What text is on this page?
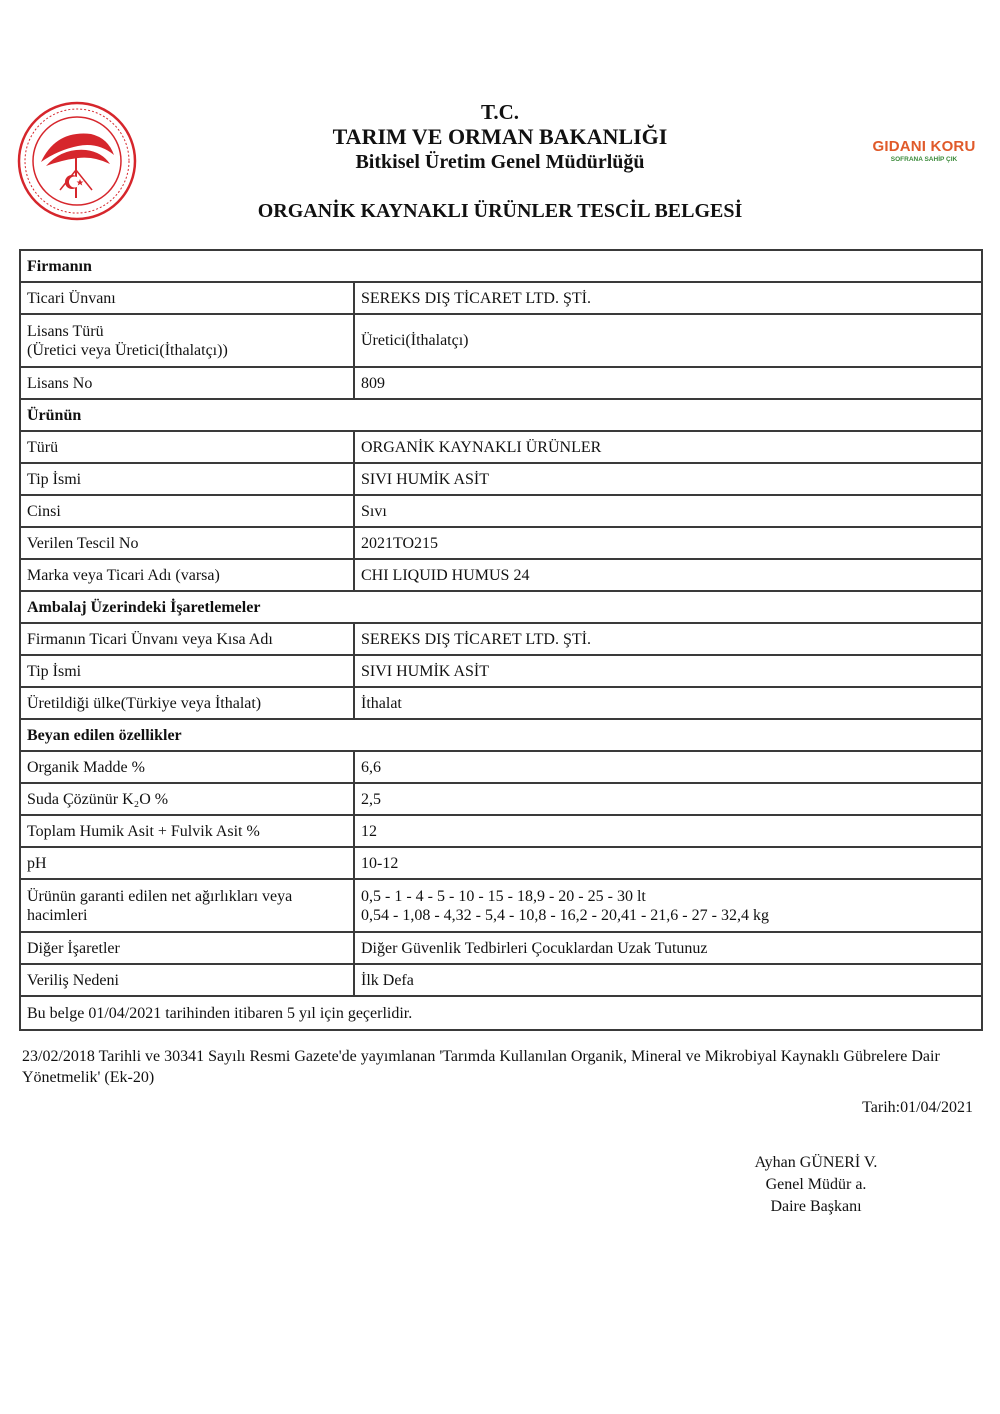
GIDANI KORU
SOFRANA SAHİP ÇIK
T.C.
TARIM VE ORMAN BAKANLIĞI
Bitkisel Üretim Genel Müdürlüğü
ORGANİK KAYNAKLI ÜRÜNLER TESCİL BELGESİ
Firmanın	
Ticari Ünvanı	SEREKS DIŞ TİCARET LTD. ŞTİ.

Lisans Türü
(Üretici veya Üretici(İthalatçı))	Üretici(İthalatçı)
Lisans No	809
Ürünün	
Türü	ORGANİK KAYNAKLI ÜRÜNLER
Tip İsmi	SIVI HUMİK ASİT
Cinsi	Sıvı
Verilen Tescil No	2021TO215
Marka veya Ticari Adı (varsa)	CHI LIQUID HUMUS 24
Ambalaj Üzerindeki İşaretlemeler	
Firmanın Ticari Ünvanı veya Kısa Adı	SEREKS DIŞ TİCARET LTD. ŞTİ.
Tip İsmi	SIVI HUMİK ASİT
Üretildiği ülke(Türkiye veya İthalat)	İthalat
Beyan edilen özellikler	
Organik Madde %	6,6
Suda Çözünür K₂O %	2,5
Toplam Humik Asit + Fulvik Asit %	12
pH	10-12
Ürünün garanti edilen net ağırlıkları veya hacimleri	0,5 - 1 - 4 - 5 - 10 - 15 - 18,9 - 20 - 25 - 30 lt
0,54 - 1,08 - 4,32 - 5,4 - 10,8 - 16,2 - 20,41 - 21,6 - 27 - 32,4 kg

Diğer İşaretler	Diğer Güvenlik Tedbirleri Çocuklardan Uzak Tutunuz
Veriliş Nedeni	İlk Defa
Bu belge 01/04/2021 tarihinden itibaren 5 yıl için geçerlidir.	
23/02/2018 Tarihli ve 30341 Sayılı Resmi Gazete'de yayımlanan 'Tarımda Kullanılan Organik, Mineral ve Mikrobiyal Kaynaklı Gübrelere Dair Yönetmelik' (Ek-20)
Tarih:01/04/2021
Ayhan GÜNERİ V.
Genel Müdür a.
Daire Başkanı
